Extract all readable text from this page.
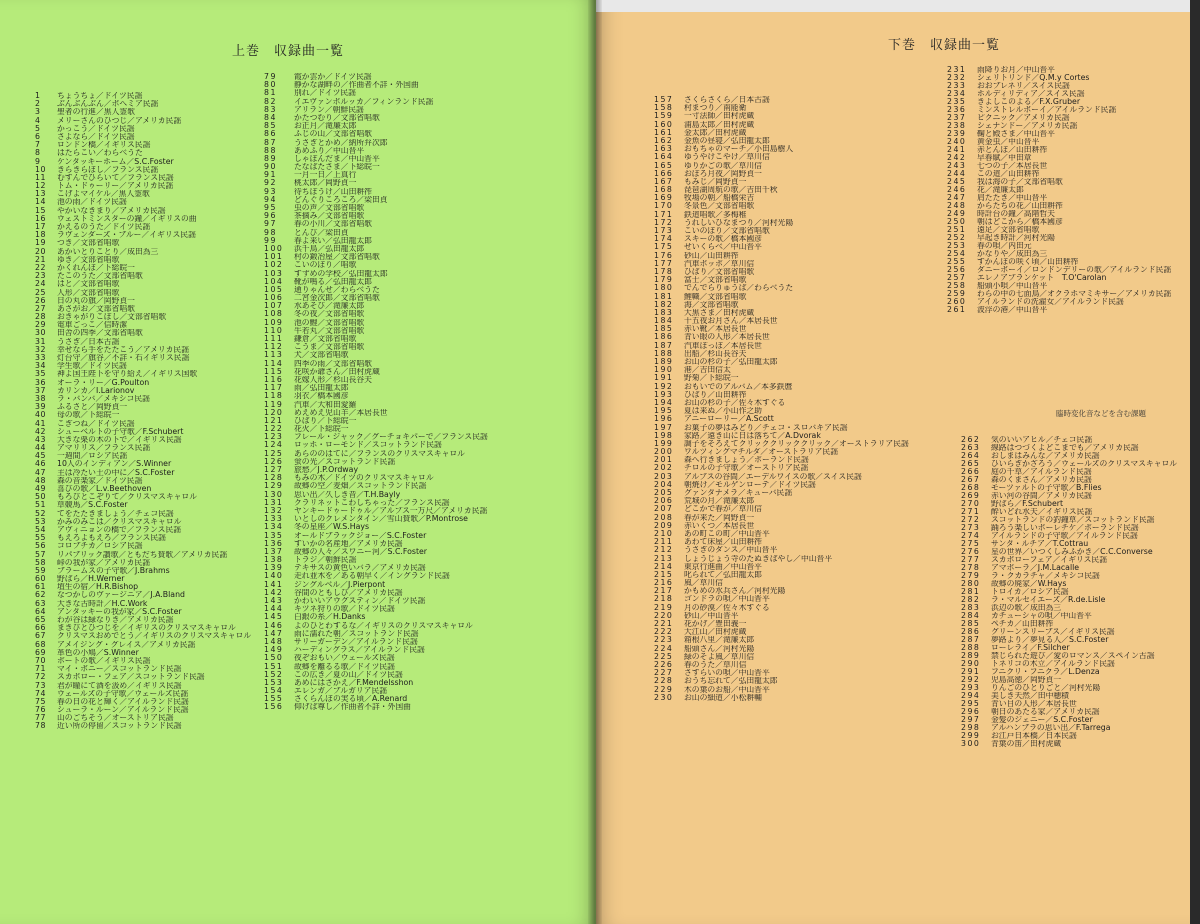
上巻　収録曲一覧
1 ちょうちょ／ドイツ民謡
2 ぶんぶんぶん／ボヘミア民謡
3 聖者の行進／黒人霊歌
4 メリーさんのひつじ／アメリカ民謡
5 かっこう／ドイツ民謡
6 さよなら／ドイツ民謡
7 ロンドン橋／イギリス民謡
8 はたらこい／わらべうた
9 ケンタッキーホーム／S.C.Foster
10 きらきらぼし／フランス民謡
11 むすんでひらいて／フランス民謡
12 トム・ドゥーリー／アメリカ民謡
13 こげよマイケル／黒人霊歌
14 池の雨／ドイツ民謡
15 やかいなきまり／アメリカ民謡
16 ウェストミンスターの鐘／イギリスの曲
17 かえるのうた／ドイツ民謡
18 ラヴェンダーズ・ブルー／イギリス民謡
19 つき／文部省唱歌
20 あかいとりことり／成田為三
21 ゆき／文部省唱歌
22 かくれんぼ／下総皖一
23 たこのうた／文部省唱歌
24 はと／文部省唱歌
25 人形／文部省唱歌
26 日の丸の旗／岡野貞一
27 あさがお／文部省唱歌
28 おきゃがりこぼし／文部省唱歌
29 電車ごっこ／信時潔
30 田舎の四季／文部省唱歌
31 うさぎ／日本古謡
32 幸せなら手をたたこう／アメリカ民謡
33 灯台守／旗谷／不詳・石イギリス民謡
34 学生歌／ドイツ民謡
35 神よ国王陛下を守り給え／イギリス国歌
36 オーラ・リー／G.Poulton
37 カリンカ／I.Larionov
38 ラ・バンバ／メキシコ民謡
39 ふるさと／岡野貞一
40 母の歌／下総皖一
41 こぎつね／ドイツ民謡
42 シューベルトの子守歌／F.Schubert
43 大きな栗の木の下で／イギリス民謡
44 アマリリス／フランス民謡
45 一週間／ロシア民謡
46 10人のインディアン／S.Winner
47 主は冷たい土の中に／S.C.Foster
48 森の音楽家／ドイツ民謡
49 喜びの歌／L.v.Beethoven
50 もろびとこぞりて／クリスマスキャロル
51 草競馬／S.C.Foster
52 てをたたきましょう／チェコ民謡
53 かみのみこは／クリスマスキャロル
54 アヴィニョンの橋で／フランス民謡
55 もえろよもえろ／フランス民謡
56 コロブチカ／ロシア民謡
57 リパブリック讃歌／ともだち賛歌／アメリカ民謡
58 峠の我が家／アメリカ民謡
59 ブラームスの子守歌／J.Brahms
60 野ばら／H.Werner
61 埴生の宿／H.R.Bishop
62 なつかしのヴァージニア／J.A.Bland
63 大きな古時計／H.C.Work
64 アンタッキーの我が家／S.C.Foster
65 わが谷は緑なりき／アメリカ民謡
66 まきびとひつじを／イギリスのクリスマスキャロル
67 クリスマスおめでとう／イギリスのクリスマスキャロル
68 アメイジング・グレイス／アメリカ民謡
69 革色の小鳩／S.Winner
70 ボートの歌／イギリス民謡
71 マイ・ボニー／スコットランド民謡
72 スカボロー・フェア／スコットランド民謡
73 君が瞳にて酒を汲め／イギリス民謡
74 ウェールズの子守歌／ウェールズ民謡
75 春の日の花と輝く／アイルランド民謡
76 シューラ・ルーン／アイルランド民謡
77 山のごちそう／オーストリア民謡
78 近い所の停留／スコットランド民謡
79 霞か雲か／ドイツ民謡
80 静かな湖畔の／作曲者不詳・外国曲
81 別れ／ドイツ民謡
82 イエヴァンポルッカ／フィンランド民謡
83 アリラン／朝鮮民謡
84 かたつむり／文部省唱歌
85 お正月／滝廉太郎
86 ふじの山／文部省唱歌
87 うさぎとかめ／納所弁次郎
88 あめふり／中山晋平
89 しゃぼんだま／中山晋平
90 たなばたさま／下総皖一
91 一月一日／上真行
92 桃太郎／岡野貞一
93 待ちぼうけ／山田耕筰
94 どんぐりころころ／梁田貞
95 虫の声／文部省唱歌
96 茶摘み／文部省唱歌
97 春の小川／文部省唱歌
98 とんび／梁田貞
99 春よ来い／弘田龍太郎
100 浜千鳥／弘田龍太郎
101 村の鍛冶屋／文部省唱歌
102 こいのぼり／唱歌
103 すずめの学校／弘田龍太郎
104 靴が鳴る／弘田龍太郎
105 通りゃんせ／わらべうた
106 二宮金次郎／文部省唱歌
107 水あそび／滝廉太郎
108 冬の夜／文部省唱歌
109 池の鯉／文部省唱歌
110 牛若丸／文部省唱歌
111 鎌倉／文部省唱歌
112 こうま／文部省唱歌
113 犬／文部省唱歌
114 四季の雨／文部省唱歌
115 花咲か爺さん／田村虎蔵
116 花嫁人形／杉山長谷夫
117 雨／弘田龍太郎
118 羽衣／橋本國彦
119 汽車／大和田愛羅
120 めえめえ児山羊／本居長世
121 ひばり／下総皖一
122 花火／下総皖一
123 フレール・ジャック／グーチョキパーで／フランス民謡
124 ロッホ・ローモンド／スコットランド民謡
125 あらののはてに／フランスのクリスマスキャロル
126 蛍の光／スコットランド民謡
127 旅愁／J.P.Ordway
128 もみの木／ドイツのクリスマスキャロル
129 故郷の空／麦畑／スコットランド民謡
130 思い出／久しき昔／T.H.Bayly
131 クラリネットこわしちゃった／フランス民謡
132 ヤンキードゥードゥル／アルプス一万尺／アメリカ民謡
133 いとしのクレメンタイン／雪山賛歌／P.Montrose
134 冬の星座／W.S.Hays
135 オールドブラックジョー／S.C.Foster
136 すいかの名産地／アメリカ民謡
137 故郷の人々／スワニー河／S.C.Foster
138 トラジ／朝鮮民謡
139 テキサスの黄色いバラ／アメリカ民謡
140 走れ並木を／ある朝早く／イングランド民謡
141 ジングルベル／J.Pierpont
142 谷間のともしび／アメリカ民謡
143 かわいいアウグスティン／ドイツ民謡
144 キツネ狩りの歌／ドイツ民謡
145 白銀の糸／H.Danks
146 よのひとわするな／イギリスのクリスマスキャロル
147 雨に濡れた朝／スコットランド民謡
148 サリーガーデン／アイルランド民謡
149 ハーディングラス／アイルランド民謡
150 夜ぞおもい／ウェールズ民謡
151 故郷を離るる歌／ドイツ民謡
152 この広き／夏の山／ドイツ民謡
153 あめにはさかえ／F.Mendelsshon
154 エレンガ／ブルガリア民謡
155 さくらんぼの実る頃／A.Renard
156 仰げば尊し／作曲者不詳・外国曲
下巻　収録曲一覧
157 さくらさくら／日本古謡
158 村まつり／南能衛
159 一寸法師／田村虎蔵
160 浦島太郎／田村虎蔵
161 金太郎／田村虎蔵
162 金魚の昼寝／弘田龍太郎
163 おもちゃのマーチ／小田島樹人
164 ゆうやけこやけ／草川信
165 ゆりかごの歌／草川信
166 おぼろ月夜／岡野貞一
167 もみじ／岡野貞一
168 琵琶湖周航の歌／吉田千秋
169 牧場の朝／船橋栄吉
170 冬景色／文部省唱歌
171 鉄道唱歌／多梅稚
172 うれしいひなまつり／河村光陽
173 こいのぼり／文部省唱歌
174 スキーの歌／橋本國彦
175 せいくらべ／中山晋平
176 砂山／山田耕筰
177 汽車ポッポ／草川信
178 ひばり／文部省唱歌
179 富士／文部省唱歌
180 でんでらりゅうば／わらべうた
181 鯉幟／文部省唱歌
182 海／文部省唱歌
183 大黒さま／田村虎蔵
184 十五夜お月さん／本居長世
185 赤い靴／本居長世
186 青い眼の人形／本居長世
187 汽車ぽっぽ／本居長世
188 出船／杉山長谷夫
189 お山の杉の子／弘田龍太郎
190 港／吉田信太
191 野菊／下総皖一
192 おもいでのアルバム／本多鉄麿
193 ひばり／山田耕筰
194 お山の杉の子／佐々木すぐる
195 夏は来ぬ／小山作之助
196 アニーローリー／A.Scott
197 お菓子の夢はみどり／チェコ・スロバキア民謡
198 家路／遠き山に日は落ちて／A.Dvorak
199 調子をそろえてクリッククリッククリック／オーストラリア民謡
200 ワルツィングマチルダ／オーストラリア民謡
201 森へ行きましょう／ポーランド民謡
202 チロルの子守歌／オーストリア民謡
203 アルプスの谷間／エーデルワイスの歌／スイス民謡
204 朝焼け／モルゲンローテ／ドイツ民謡
205 グァンタナメラ／キューバ民謡
206 荒城の月／滝廉太郎
207 どこかで春が／草川信
208 春が来た／岡野貞一
209 赤いくつ／本居長世
210 あの町この町／中山晋平
211 あわて床屋／山田耕筰
212 うさぎのダンス／中山晋平
213 しょうじょう寺のたぬきばやし／中山晋平
214 東京行進曲／中山晋平
215 叱られて／弘田龍太郎
216 風／草川信
217 かもめの水兵さん／河村光陽
218 ゴンドラの唄／中山晋平
219 月の砂漠／佐々木すぐる
220 砂山／中山晋平
221 花かげ／豊田義一
222 大江山／田村虎蔵
223 箱根八里／滝廉太郎
224 船頭さん／河村光陽
225 緑のそよ風／草川信
226 春のうた／草川信
227 さすらいの唄／中山晋平
228 おうち忘れて／弘田龍太郎
229 木の葉のお船／中山晋平
230 お山の細道／小松耕輔
231 雨降りお月／中山晋平
232 シェリトリンド／Q.M.y Cortes
233 おおブレネリ／スイス民謡
234 ホルディリディア／スイス民謡
235 きよしこのよる／F.X.Gruber
236 ミンストレルボーイ／アイルランド民謡
237 ピクニック／アメリカ民謡
238 シェナンドー／アメリカ民謡
239 鞠と殿さま／中山晋平
240 黄金虫／中山晋平
241 赤とんぼ／山田耕筰
242 早春賦／中田章
243 七つの子／本居長世
244 この道／山田耕筰
245 我は海の子／文部省唱歌
246 花／滝廉太郎
247 肩たたき／中山晋平
248 からたちの花／山田耕筰
249 時計台の鐘／高階哲夫
250 朝はどこから／橋本國彦
251 遠足／文部省唱歌
252 早起き時計／河村光陽
253 春の唄／内田元
254 かなりや／成田為三
255 すかんぽの咲く頃／山田耕筰
256 ダニーボーイ／ロンドンデリーの歌／アイルランド民謡
257 エレノアプランケット　T.O'Carolan
258 船頭小唄／中山晋平
259 わらの中の七面鳥／オクラホマミキサー／アメリカ民謡
260 アイルランドの洗濯女／アイルランド民謡
261 波浮の港／中山晋平
臨時変化音などを含む課題
262 気のいいアヒル／チェコ民謡
263 線路はつづくよどこまでも／アメリカ民謡
264 おしまはみんな／アメリカ民謡
265 ひいらぎかざろう／ウェールズのクリスマスキャロル
266 庭の千草／アイルランド民謡
267 森のくまさん／アメリカ民謡
268 モーツァルトの子守歌／B.Flies
269 赤い河の谷間／アメリカ民謡
270 野ばら／F.Schubert
271 酔いどれ水夫／イギリス民謡
272 スコットランドの釣鐘草／スコットランド民謡
273 踊ろう楽しいポーレチケ／ポーランド民謡
274 アイルランドの子守歌／アイルランド民謡
275 サンタ・ルチア／T.Cottrau
276 星の世界／いつくしみふかき／C.C.Converse
277 スカボローフェア／イギリス民謡
278 アマポーラ／J.M.Lacalle
279 ラ・クカラチャ／メキシコ民謡
280 故郷の廃家／W.Hays
281 トロイカ／ロシア民謡
282 ラ・マルセイエーズ／R.de.Lisle
283 浜辺の歌／成田為三
284 カチューシャの唄／中山晋平
285 ペチカ／山田耕筰
286 グリーンスリーブス／イギリス民謡
287 夢路より／夢見る人／S.C.Foster
288 ローレライ／F.Silcher
289 禁じられた遊び／愛のロマンス／スペイン古謡
290 トネリコの木立／アイルランド民謡
291 フニクリ・フニクラ／L.Denza
292 児島高徳／岡野貞一
293 りんごのひとりごと／河村光陽
294 美しき天然／田中穂積
295 青い目の人形／本居長世
296 朝日のあたる家／アメリカ民謡
297 金髪のジェニー／S.C.Foster
298 アルハンブラの思い出／F.Tarrega
299 お江戸日本橋／日本民謡
300 青葉の笛／田村虎蔵
